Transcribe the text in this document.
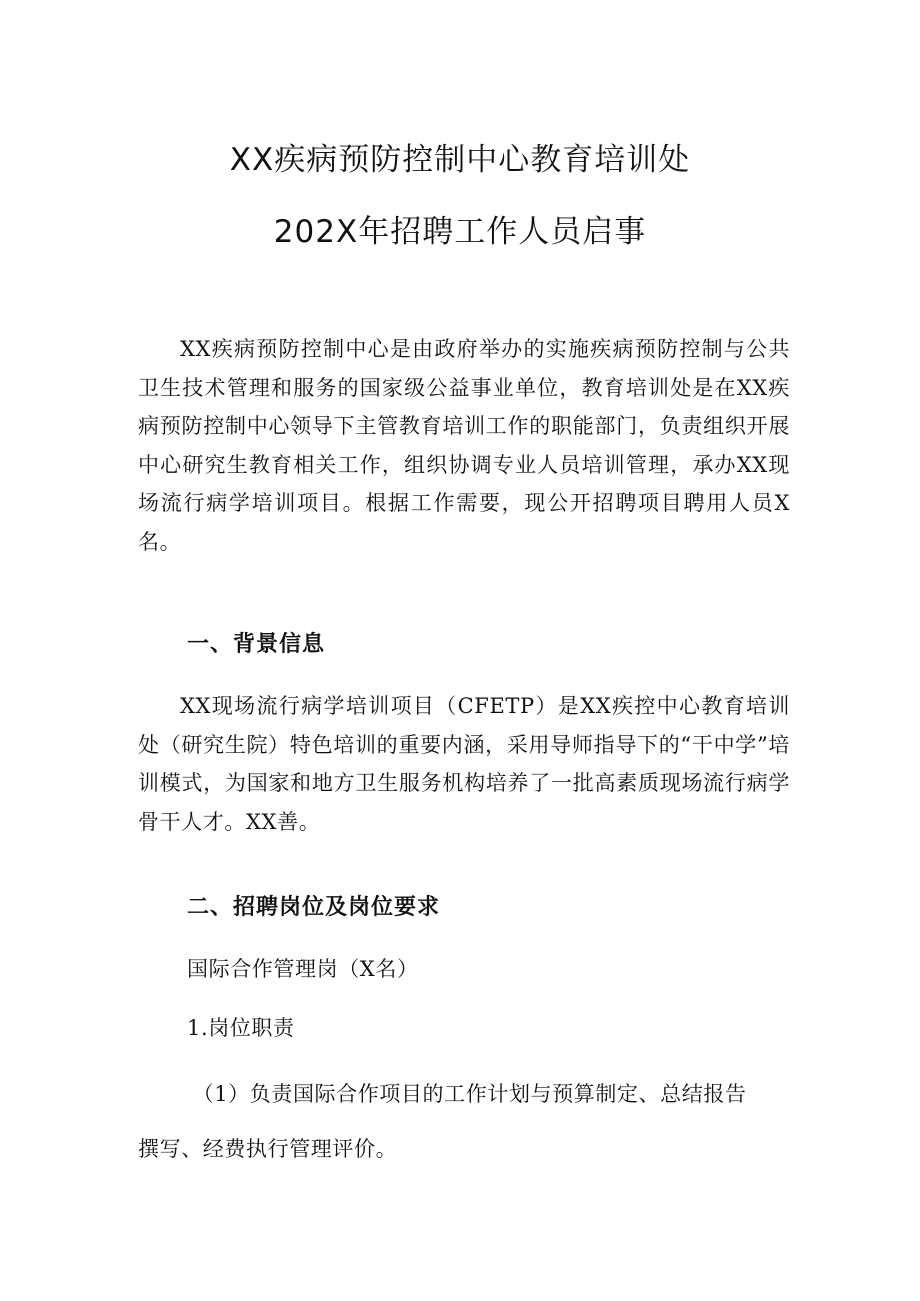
XX疾病预防控制中心教育培训处
202X年招聘工作人员启事

XX疾病预防控制中心是由政府举办的实施疾病预防控制与公共卫生技术管理和服务的国家级公益事业单位，教育培训处是在XX疾病预防控制中心领导下主管教育培训工作的职能部门，负责组织开展中心研究生教育相关工作，组织协调专业人员培训管理，承办XX现场流行病学培训项目。根据工作需要，现公开招聘项目聘用人员X名。

一、背景信息

XX现场流行病学培训项目（CFETP）是XX疾控中心教育培训处（研究生院）特色培训的重要内涵，采用导师指导下的“干中学”培训模式，为国家和地方卫生服务机构培养了一批高素质现场流行病学骨干人才。XX善。

二、招聘岗位及岗位要求
国际合作管理岗（X名）
1.岗位职责

（1）负责国际合作项目的工作计划与预算制定、总结报告撰写、经费执行管理评价。
